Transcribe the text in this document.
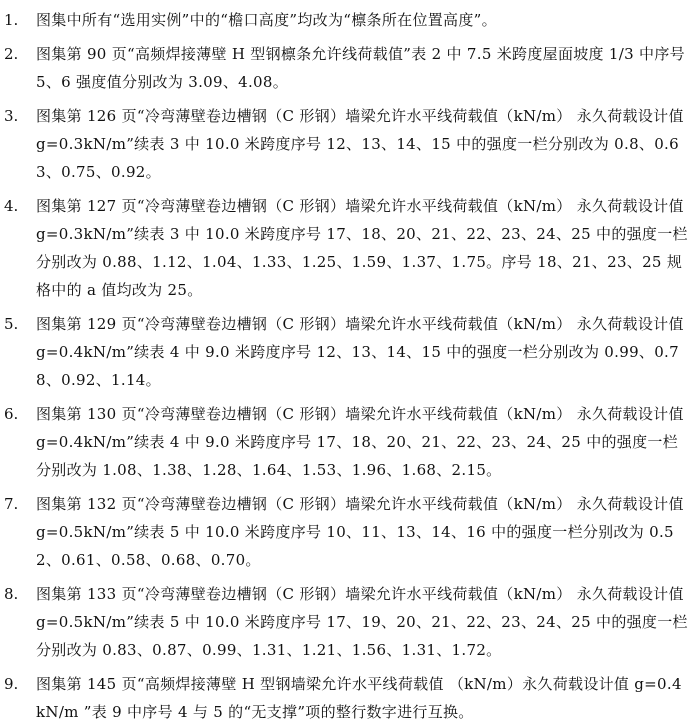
1.	图集中所有“选用实例”中的“檐口高度”均改为“檩条所在位置高度”。
2.	图集第 90 页“高频焊接薄壁 H 型钢檩条允许线荷载值”表 2 中 7.5 米跨度屋面坡度 1/3 中序号 5、6 强度值分别改为 3.09、4.08。
3.	图集第 126 页“冷弯薄壁卷边槽钢（C 形钢）墙梁允许水平线荷载值（kN/m） 永久荷载设计值 g=0.3kN/m”续表 3 中 10.0 米跨度序号 12、13、14、15 中的强度一栏分别改为 0.8、0.63、0.75、0.92。
4.	图集第 127 页“冷弯薄壁卷边槽钢（C 形钢）墙梁允许水平线荷载值（kN/m） 永久荷载设计值 g=0.3kN/m”续表 3 中 10.0 米跨度序号 17、18、20、21、22、23、24、25 中的强度一栏分别改为 0.88、1.12、1.04、1.33、1.25、1.59、1.37、1.75。序号 18、21、23、25 规格中的 a 值均改为 25。
5.	图集第 129 页“冷弯薄壁卷边槽钢（C 形钢）墙梁允许水平线荷载值（kN/m） 永久荷载设计值 g=0.4kN/m”续表 4 中 9.0 米跨度序号 12、13、14、15 中的强度一栏分别改为 0.99、0.78、0.92、1.14。
6.	图集第 130 页“冷弯薄壁卷边槽钢（C 形钢）墙梁允许水平线荷载值（kN/m） 永久荷载设计值 g=0.4kN/m”续表 4 中 9.0 米跨度序号 17、18、20、21、22、23、24、25 中的强度一栏分别改为 1.08、1.38、1.28、1.64、1.53、1.96、1.68、2.15。
7.	图集第 132 页“冷弯薄壁卷边槽钢（C 形钢）墙梁允许水平线荷载值（kN/m） 永久荷载设计值 g=0.5kN/m”续表 5 中 10.0 米跨度序号 10、11、13、14、16 中的强度一栏分别改为 0.52、0.61、0.58、0.68、0.70。
8.	图集第 133 页“冷弯薄壁卷边槽钢（C 形钢）墙梁允许水平线荷载值（kN/m） 永久荷载设计值 g=0.5kN/m”续表 5 中 10.0 米跨度序号 17、19、20、21、22、23、24、25 中的强度一栏分别改为 0.83、0.87、0.99、1.31、1.21、1.56、1.31、1.72。
9.	图集第 145 页“高频焊接薄壁 H 型钢墙梁允许水平线荷载值 （kN/m）永久荷载设计值 g=0.4kN/m ”表 9 中序号 4 与 5 的“无支撑”项的整行数字进行互换。
